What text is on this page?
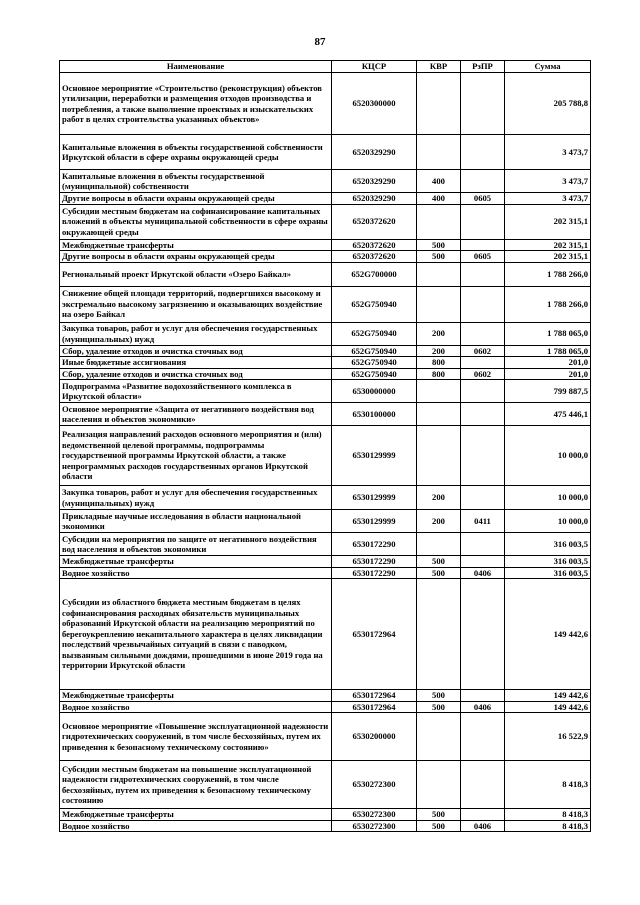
87
Наименование	КЦСР	КВР	РзПР	Сумма
Основное мероприятие «Строительство (реконструкция) объектов утилизации, переработки и размещения отходов производства и потребления, а также выполнение проектных и изыскательских работ в целях строительства указанных объектов»	6520300000			205 788,8
Капитальные вложения в объекты государственной собственности Иркутской области в сфере охраны окружающей среды	6520329290			3 473,7
Капитальные вложения в объекты государственной (муниципальной) собственности	6520329290	400		3 473,7
Другие вопросы в области охраны окружающей среды	6520329290	400	0605	3 473,7
Субсидии местным бюджетам на софинансирование капитальных вложений в объекты муниципальной собственности в сфере охраны окружающей среды	6520372620			202 315,1
Межбюджетные трансферты	6520372620	500		202 315,1
Другие вопросы в области охраны окружающей среды	6520372620	500	0605	202 315,1
Региональный проект Иркутской области «Озеро Байкал»	652G700000			1 788 266,0
Снижение общей площади территорий, подвергшихся высокому и экстремально высокому загрязнению и оказывающих воздействие на озеро Байкал	652G750940			1 788 266,0
Закупка товаров, работ и услуг для обеспечения государственных (муниципальных) нужд	652G750940	200		1 788 065,0
Сбор, удаление отходов и очистка сточных вод	652G750940	200	0602	1 788 065,0
Иные бюджетные ассигнования	652G750940	800		201,0
Сбор, удаление отходов и очистка сточных вод	652G750940	800	0602	201,0
Подпрограмма «Развитие водохозяйственного комплекса в Иркутской области»	6530000000			799 887,5
Основное мероприятие «Защита от негативного воздействия вод населения и объектов экономики»	6530100000			475 446,1
Реализация направлений расходов основного мероприятия и (или) ведомственной целевой программы, подпрограммы государственной программы Иркутской области, а также непрограммных расходов государственных органов Иркутской области	6530129999			10 000,0
Закупка товаров, работ и услуг для обеспечения государственных (муниципальных) нужд	6530129999	200		10 000,0
Прикладные научные исследования в области национальной экономики	6530129999	200	0411	10 000,0
Субсидии на мероприятия по защите от негативного воздействия вод населения и объектов экономики	6530172290			316 003,5
Межбюджетные трансферты	6530172290	500		316 003,5
Водное хозяйство	6530172290	500	0406	316 003,5
Субсидии из областного бюджета местным бюджетам в целях софинансирования расходных обязательств муниципальных образований Иркутской области на реализацию мероприятий по берегоукреплению некапитального характера в целях ликвидации последствий чрезвычайных ситуаций в связи с паводком, вызванным сильными дождями, прошедшими в июне 2019 года на территории Иркутской области	6530172964			149 442,6
Межбюджетные трансферты	6530172964	500		149 442,6
Водное хозяйство	6530172964	500	0406	149 442,6
Основное мероприятие «Повышение эксплуатационной надежности гидротехнических сооружений, в том числе бесхозяйных, путем их приведения к безопасному техническому состоянию»	6530200000			16 522,9
Субсидии местным бюджетам на повышение эксплуатационной надежности гидротехнических сооружений, в том числе бесхозяйных, путем их приведения к безопасному техническому состоянию	6530272300			8 418,3
Межбюджетные трансферты	6530272300	500		8 418,3
Водное хозяйство	6530272300	500	0406	8 418,3
